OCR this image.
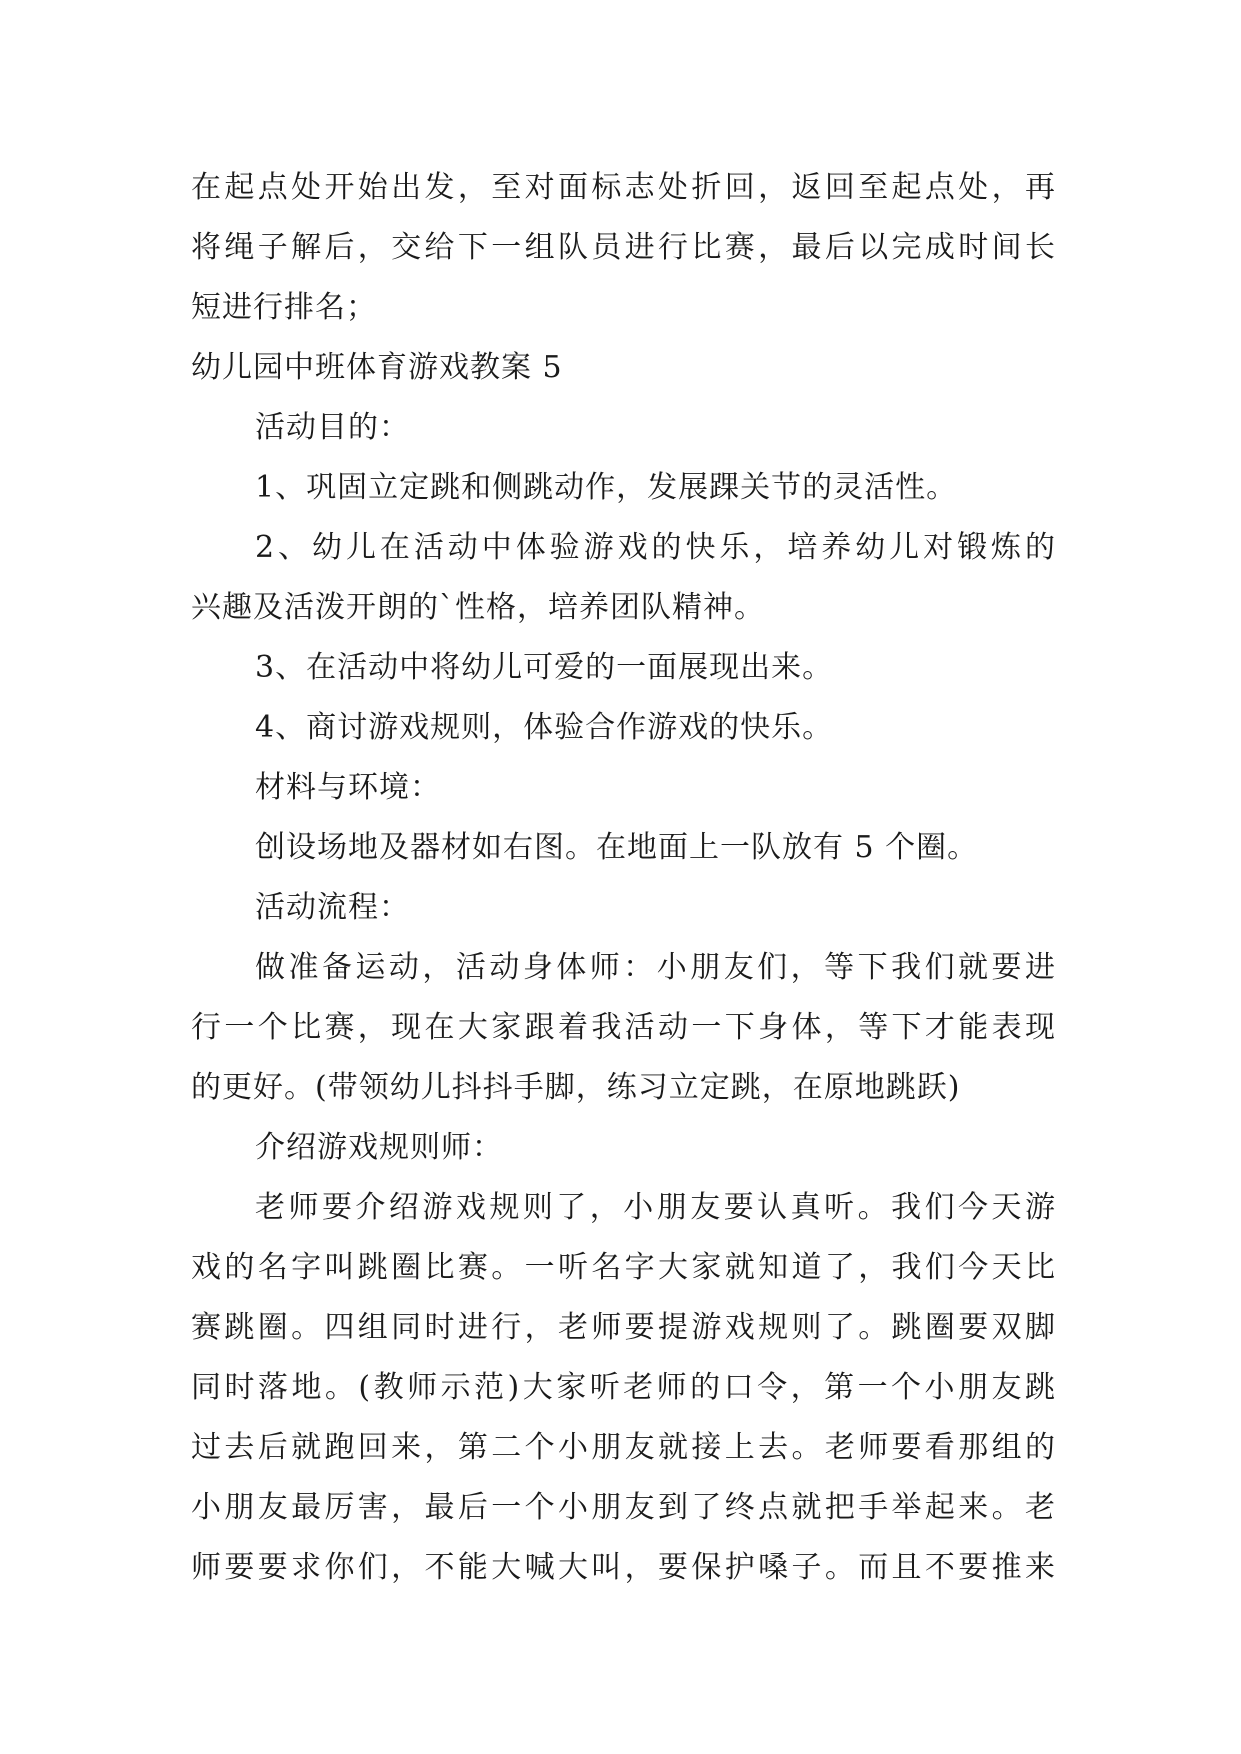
在起点处开始出发，至对面标志处折回，返回至起点处，再
将绳子解后，交给下一组队员进行比赛，最后以完成时间长
短进行排名；
幼儿园中班体育游戏教案 5
活动目的：
1、巩固立定跳和侧跳动作，发展踝关节的灵活性。
2、幼儿在活动中体验游戏的快乐，培养幼儿对锻炼的
兴趣及活泼开朗的`性格，培养团队精神。
3、在活动中将幼儿可爱的一面展现出来。
4、商讨游戏规则，体验合作游戏的快乐。
材料与环境：
创设场地及器材如右图。在地面上一队放有 5 个圈。
活动流程：
做准备运动，活动身体师：小朋友们，等下我们就要进
行一个比赛，现在大家跟着我活动一下身体，等下才能表现
的更好。(带领幼儿抖抖手脚，练习立定跳，在原地跳跃)
介绍游戏规则师：
老师要介绍游戏规则了，小朋友要认真听。我们今天游
戏的名字叫跳圈比赛。一听名字大家就知道了，我们今天比
赛跳圈。四组同时进行，老师要提游戏规则了。跳圈要双脚
同时落地。(教师示范)大家听老师的口令，第一个小朋友跳
过去后就跑回来，第二个小朋友就接上去。老师要看那组的
小朋友最厉害，最后一个小朋友到了终点就把手举起来。老
师要要求你们，不能大喊大叫，要保护嗓子。而且不要推来
